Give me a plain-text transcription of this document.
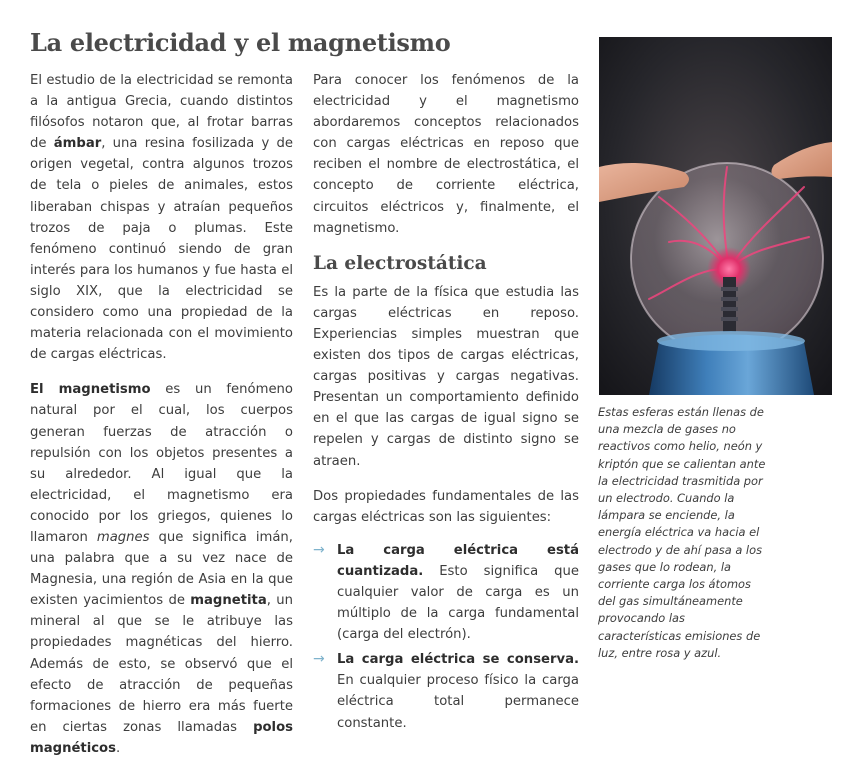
La electricidad y el magnetismo

El estudio de la electricidad se remonta a la antigua Grecia, cuando distintos filósofos notaron que, al frotar barras de ámbar, una resina fosilizada y de origen vegetal, contra algunos trozos de tela o pieles de animales, estos liberaban chispas y atraían pequeños trozos de paja o plumas. Este fenómeno continuó siendo de gran interés para los humanos y fue hasta el siglo XIX, que la electricidad se considero como una propiedad de la materia relacionada con el movimiento de cargas eléctricas.

El magnetismo es un fenómeno natural por el cual, los cuerpos generan fuerzas de atracción o repulsión con los objetos presentes a su alrededor. Al igual que la electricidad, el magnetismo era conocido por los griegos, quienes lo llamaron magnes que significa imán, una palabra que a su vez nace de Magnesia, una región de Asia en la que existen yacimientos de magnetita, un mineral al que se le atribuye las propiedades magnéticas del hierro. Además de esto, se observó que el efecto de atracción de pequeñas formaciones de hierro era más fuerte en ciertas zonas llamadas polos magnéticos.

Para conocer los fenómenos de la electricidad y el magnetismo abordaremos conceptos relacionados con cargas eléctricas en reposo que reciben el nombre de electrostática, el concepto de corriente eléctrica, circuitos eléctricos y, finalmente, el magnetismo.

La electrostática

Es la parte de la física que estudia las cargas eléctricas en reposo. Experiencias simples muestran que existen dos tipos de cargas eléctricas, cargas positivas y cargas negativas. Presentan un comportamiento definido en el que las cargas de igual signo se repelen y cargas de distinto signo se atraen.

Dos propiedades fundamentales de las cargas eléctricas son las siguientes:

→ La carga eléctrica está cuantizada. Esto significa que cualquier valor de carga es un múltiplo de la carga fundamental (carga del electrón).
→ La carga eléctrica se conserva. En cualquier proceso físico la carga eléctrica total permanece constante.
Estas esferas están llenas de una mezcla de gases no reactivos como helio, neón y kriptón que se calientan ante la electricidad trasmitida por un electrodo. Cuando la lámpara se enciende, la energía eléctrica va hacia el electrodo y de ahí pasa a los gases que lo rodean, la corriente carga los átomos del gas simultáneamente provocando las características emisiones de luz, entre rosa y azul.
